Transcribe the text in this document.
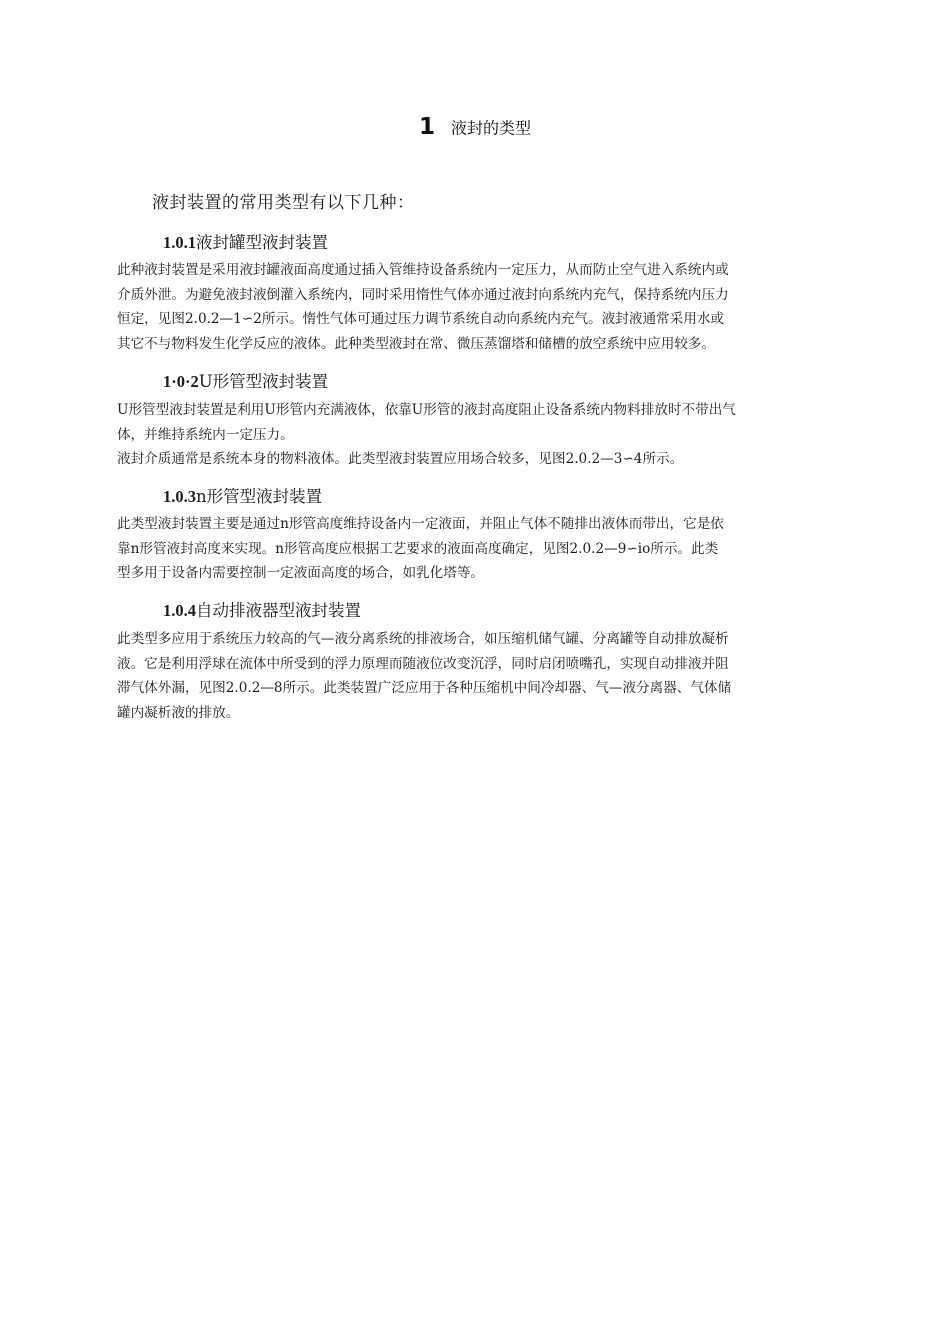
1 液封的类型
液封装置的常用类型有以下几种：
1.0.1液封罐型液封装置
此种液封装置是采用液封罐液面高度通过插入管维持设备系统内一定压力，从而防止空气进入系统内或
介质外泄。为避免液封液倒灌入系统内，同时采用惰性气体亦通过液封向系统内充气，保持系统内压力
恒定，见图2.0.2—1∽2所示。惰性气体可通过压力调节系统自动向系统内充气。液封液通常采用水或
其它不与物料发生化学反应的液体。此种类型液封在常、微压蒸馏塔和储槽的放空系统中应用较多。
1·0·2U形管型液封装置
U形管型液封装置是利用U形管内充满液体，依靠U形管的液封高度阻止设备系统内物料排放时不带出气
体，并维持系统内一定压力。
液封介质通常是系统本身的物料液体。此类型液封装置应用场合较多，见图2.0.2—3∽4所示。
1.0.3n形管型液封装置
此类型液封装置主要是通过n形管高度维持设备内一定液面，并阻止气体不随排出液体而带出，它是依
靠n形管液封高度来实现。n形管高度应根据工艺要求的液面高度确定，见图2.0.2—9∽io所示。此类
型多用于设备内需要控制一定液面高度的场合，如乳化塔等。
1.0.4自动排液器型液封装置
此类型多应用于系统压力较高的气—液分离系统的排液场合，如压缩机储气罐、分离罐等自动排放凝析
液。它是利用浮球在流体中所受到的浮力原理而随液位改变沉浮，同时启闭喷嘴孔，实现自动排液并阻
滞气体外漏，见图2.0.2—8所示。此类装置广泛应用于各种压缩机中间冷却器、气—液分离器、气体储
罐内凝析液的排放。
